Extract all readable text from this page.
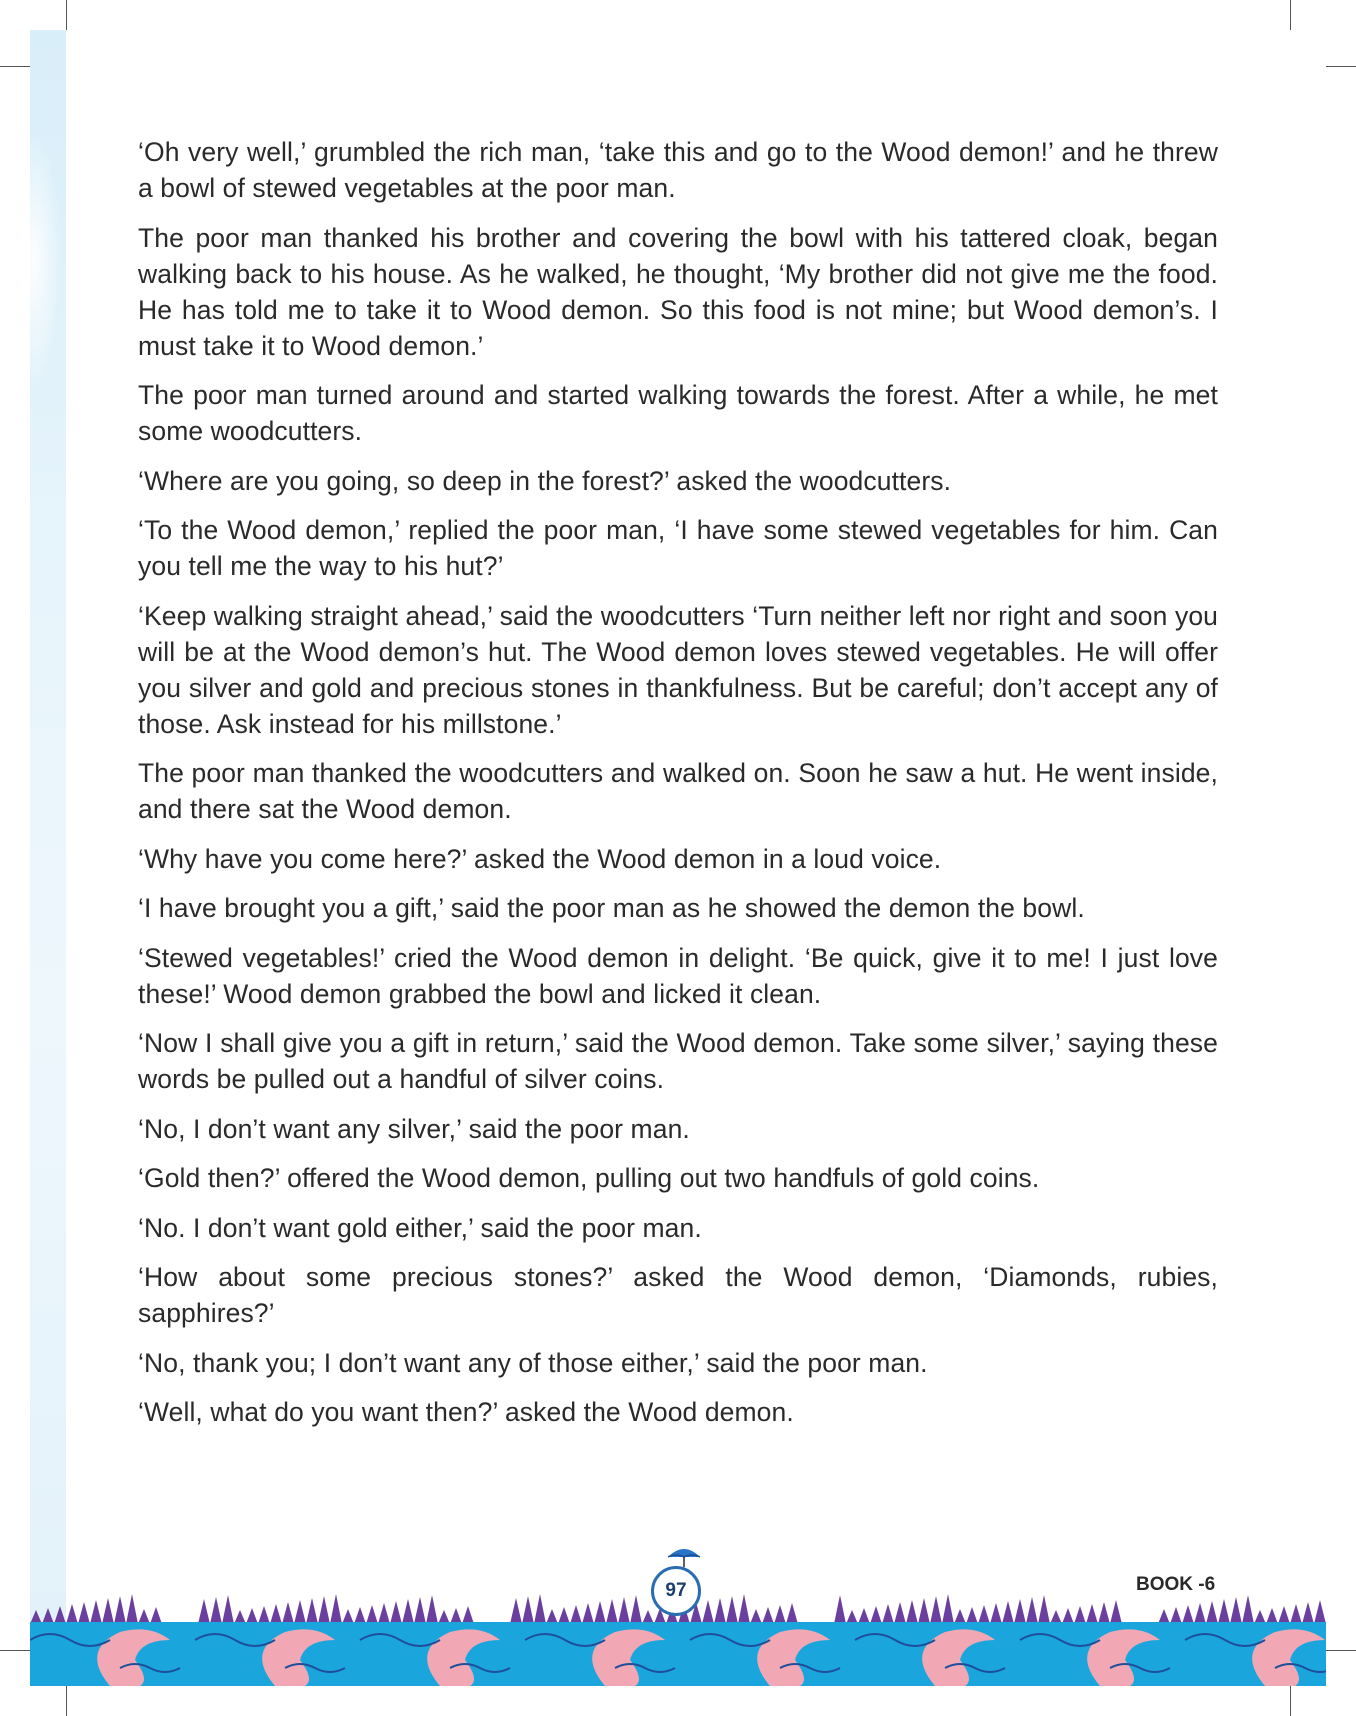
‘Oh very well,’ grumbled the rich man, ‘take this and go to the Wood demon!’ and he threw a bowl of stewed vegetables at the poor man.

The poor man thanked his brother and covering the bowl with his tattered cloak, began walking back to his house. As he walked, he thought, ‘My brother did not give me the food. He has told me to take it to Wood demon. So this food is not mine; but Wood demon’s. I must take it to Wood demon.’

The poor man turned around and started walking towards the forest. After a while, he met some woodcutters.

‘Where are you going, so deep in the forest?’ asked the woodcutters.

‘To the Wood demon,’ replied the poor man, ‘I have some stewed vegetables for him. Can you tell me the way to his hut?’

‘Keep walking straight ahead,’ said the woodcutters ‘Turn neither left nor right and soon you will be at the Wood demon’s hut. The Wood demon loves stewed vegetables. He will offer you silver and gold and precious stones in thankfulness. But be careful; don’t accept any of those. Ask instead for his millstone.’

The poor man thanked the woodcutters and walked on. Soon he saw a hut. He went inside, and there sat the Wood demon.

‘Why have you come here?’ asked the Wood demon in a loud voice.

‘I have brought you a gift,’ said the poor man as he showed the demon the bowl.

‘Stewed vegetables!’ cried the Wood demon in delight. ‘Be quick, give it to me! I just love these!’ Wood demon grabbed the bowl and licked it clean.

‘Now I shall give you a gift in return,’ said the Wood demon. Take some silver,’ saying these words be pulled out a handful of silver coins.

‘No, I don’t want any silver,’ said the poor man.

‘Gold then?’ offered the Wood demon, pulling out two handfuls of gold coins.

‘No. I don’t want gold either,’ said the poor man.

‘How about some precious stones?’ asked the Wood demon, ‘Diamonds, rubies, sapphires?’

‘No, thank you; I don’t want any of those either,’ said the poor man.

‘Well, what do you want then?’ asked the Wood demon.

97	BOOK -6
